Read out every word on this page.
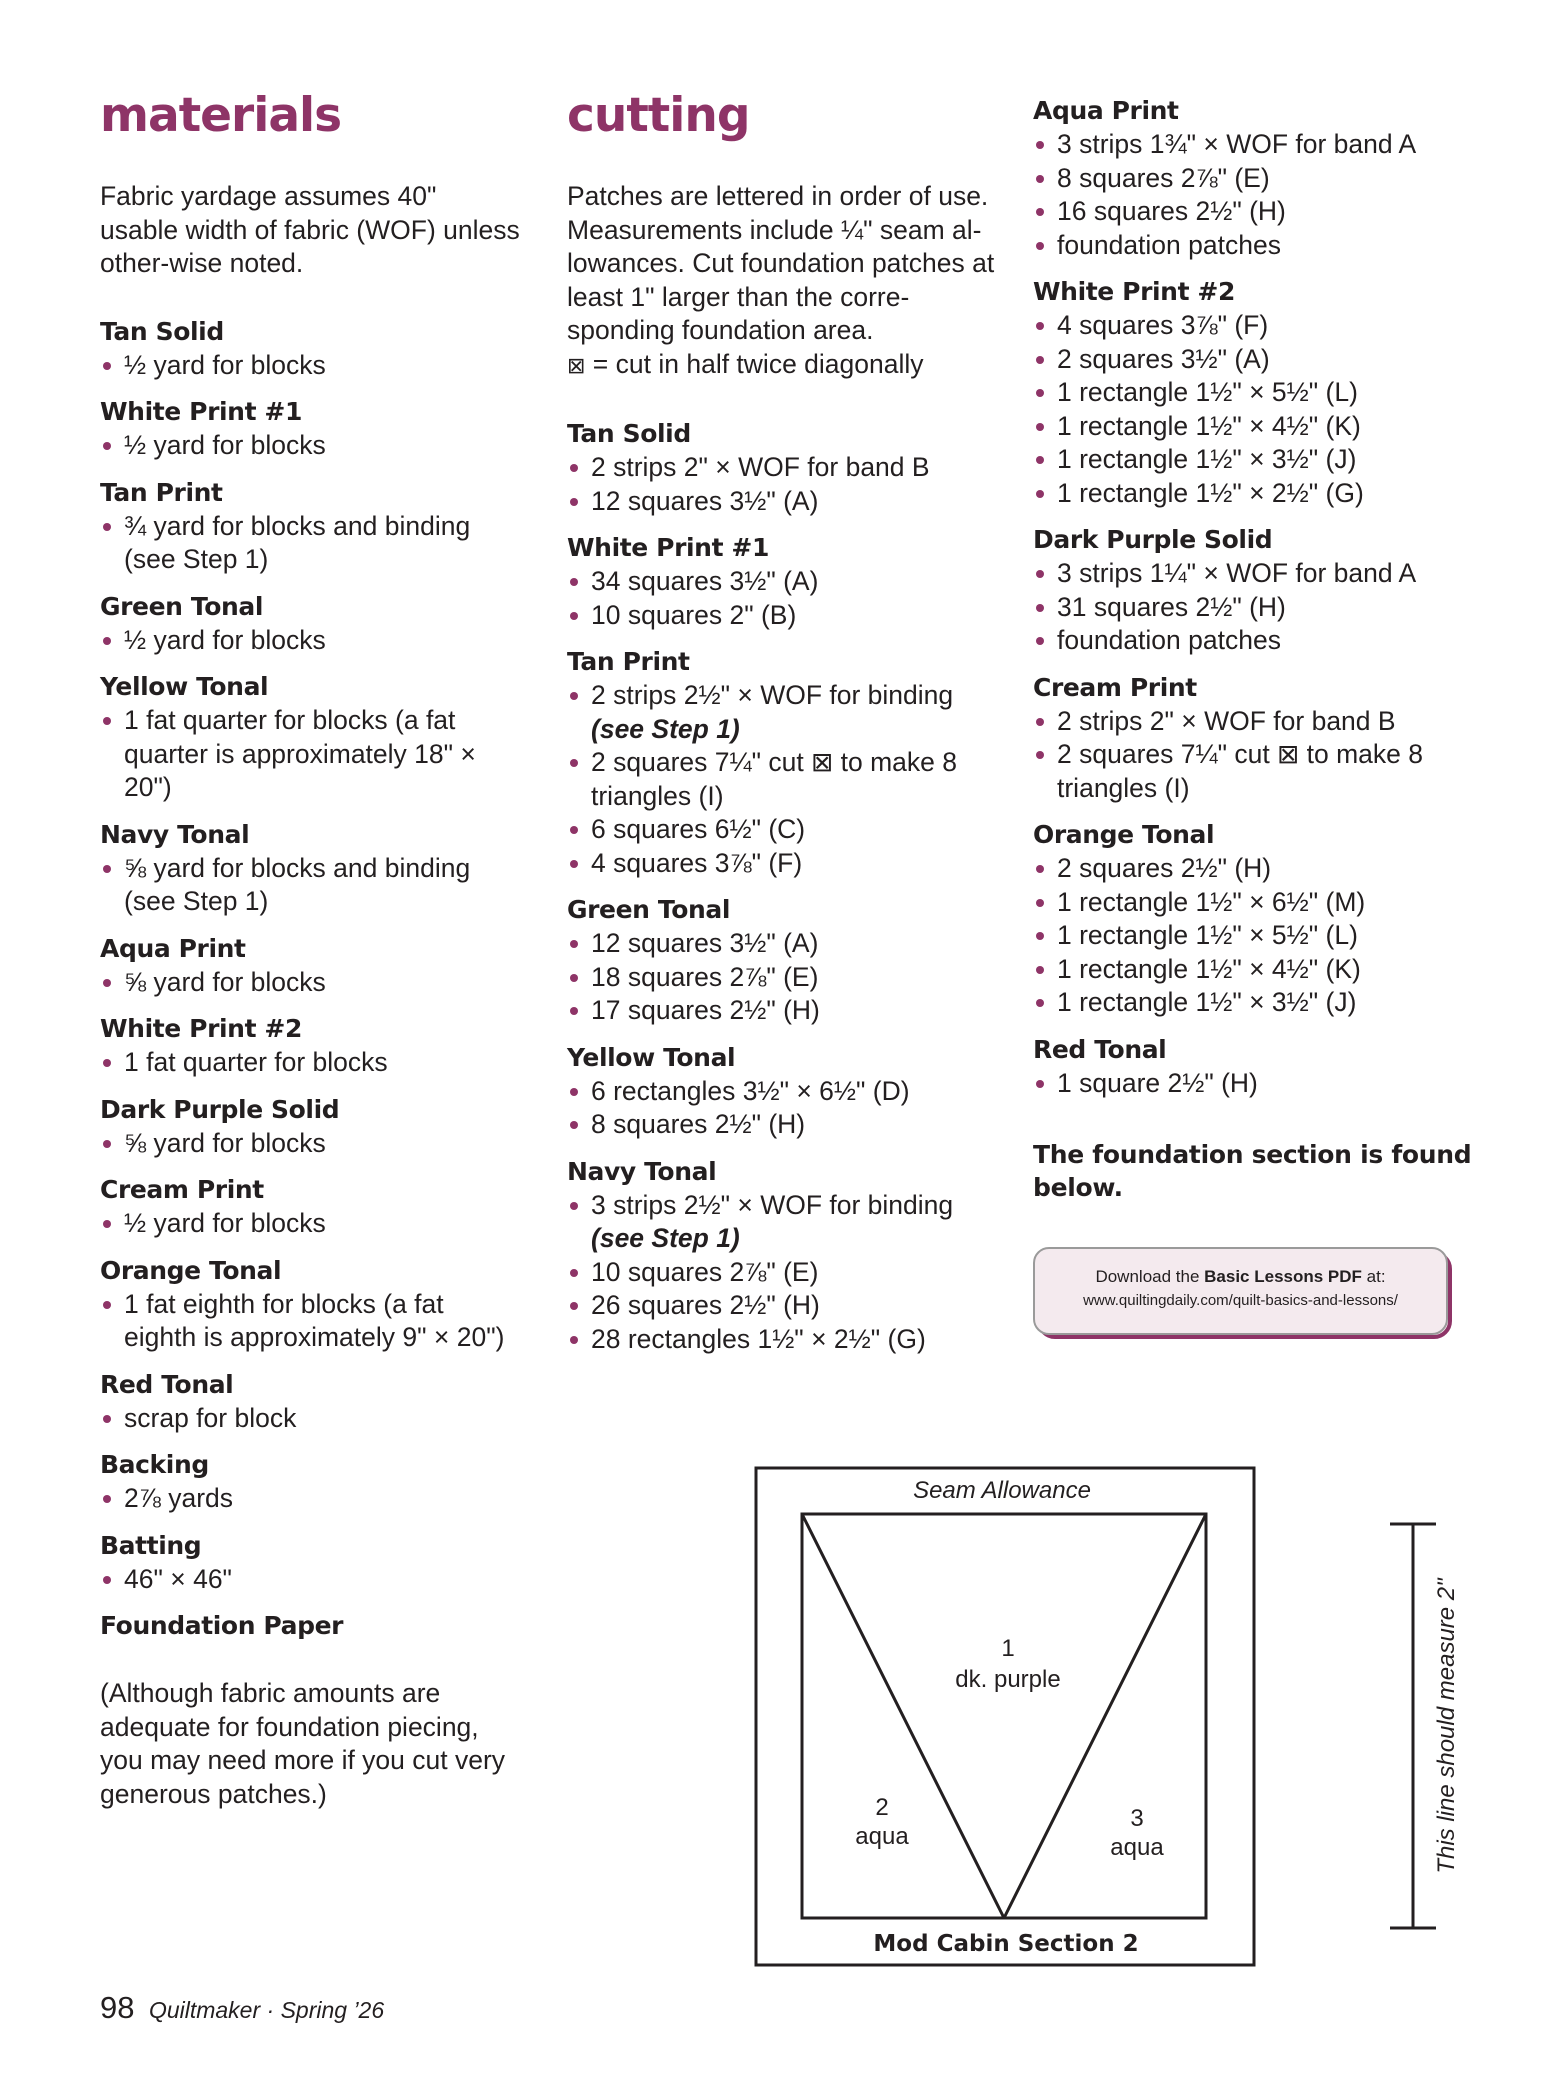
materials

Fabric yardage assumes 40" usable width of fabric (WOF) unless other-wise noted.

Tan Solid
½ yard for blocks
White Print #1
½ yard for blocks
Tan Print
¾ yard for blocks and binding (see Step 1)
Green Tonal
½ yard for blocks
Yellow Tonal
1 fat quarter for blocks (a fat quarter is approximately 18" × 20")
Navy Tonal
⅝ yard for blocks and binding (see Step 1)
Aqua Print
⅝ yard for blocks
White Print #2
1 fat quarter for blocks
Dark Purple Solid
⅝ yard for blocks
Cream Print
½ yard for blocks
Orange Tonal
1 fat eighth for blocks (a fat eighth is approximately 9" × 20")
Red Tonal
scrap for block
Backing
2⅞ yards
Batting
46" × 46"
Foundation Paper

(Although fabric amounts are adequate for foundation piecing, you may need more if you cut very generous patches.)

cutting

Patches are lettered in order of use. Measurements include ¼" seam al-lowances. Cut foundation patches at least 1" larger than the corre-sponding foundation area.
⊠ = cut in half twice diagonally

Tan Solid
2 strips 2" × WOF for band B
12 squares 3½" (A)
White Print #1
34 squares 3½" (A)
10 squares 2" (B)
Tan Print
2 strips 2½" × WOF for binding
(see Step 1)
2 squares 7¼" cut ⊠ to make 8 triangles (I)
6 squares 6½" (C)
4 squares 3⅞" (F)
Green Tonal
12 squares 3½" (A)
18 squares 2⅞" (E)
17 squares 2½" (H)
Yellow Tonal
6 rectangles 3½" × 6½" (D)
8 squares 2½" (H)
Navy Tonal
3 strips 2½" × WOF for binding
(see Step 1)
10 squares 2⅞" (E)
26 squares 2½" (H)
28 rectangles 1½" × 2½" (G)
Aqua Print
3 strips 1¾" × WOF for band A
8 squares 2⅞" (E)
16 squares 2½" (H)
foundation patches
White Print #2
4 squares 3⅞" (F)
2 squares 3½" (A)
1 rectangle 1½" × 5½" (L)
1 rectangle 1½" × 4½" (K)
1 rectangle 1½" × 3½" (J)
1 rectangle 1½" × 2½" (G)
Dark Purple Solid
3 strips 1¼" × WOF for band A
31 squares 2½" (H)
foundation patches
Cream Print
2 strips 2" × WOF for band B
2 squares 7¼" cut ⊠ to make 8 triangles (I)
Orange Tonal
2 squares 2½" (H)
1 rectangle 1½" × 6½" (M)
1 rectangle 1½" × 5½" (L)
1 rectangle 1½" × 4½" (K)
1 rectangle 1½" × 3½" (J)
Red Tonal
1 square 2½" (H)
The foundation section is found below.
Download the Basic Lessons PDF at:
www.quiltingdaily.com/quilt-basics-and-lessons/
Seam Allowance
1
dk. purple
2
aqua
3
aqua
Mod Cabin Section 2
This line should measure 2"
98 Quiltmaker · Spring ’26
